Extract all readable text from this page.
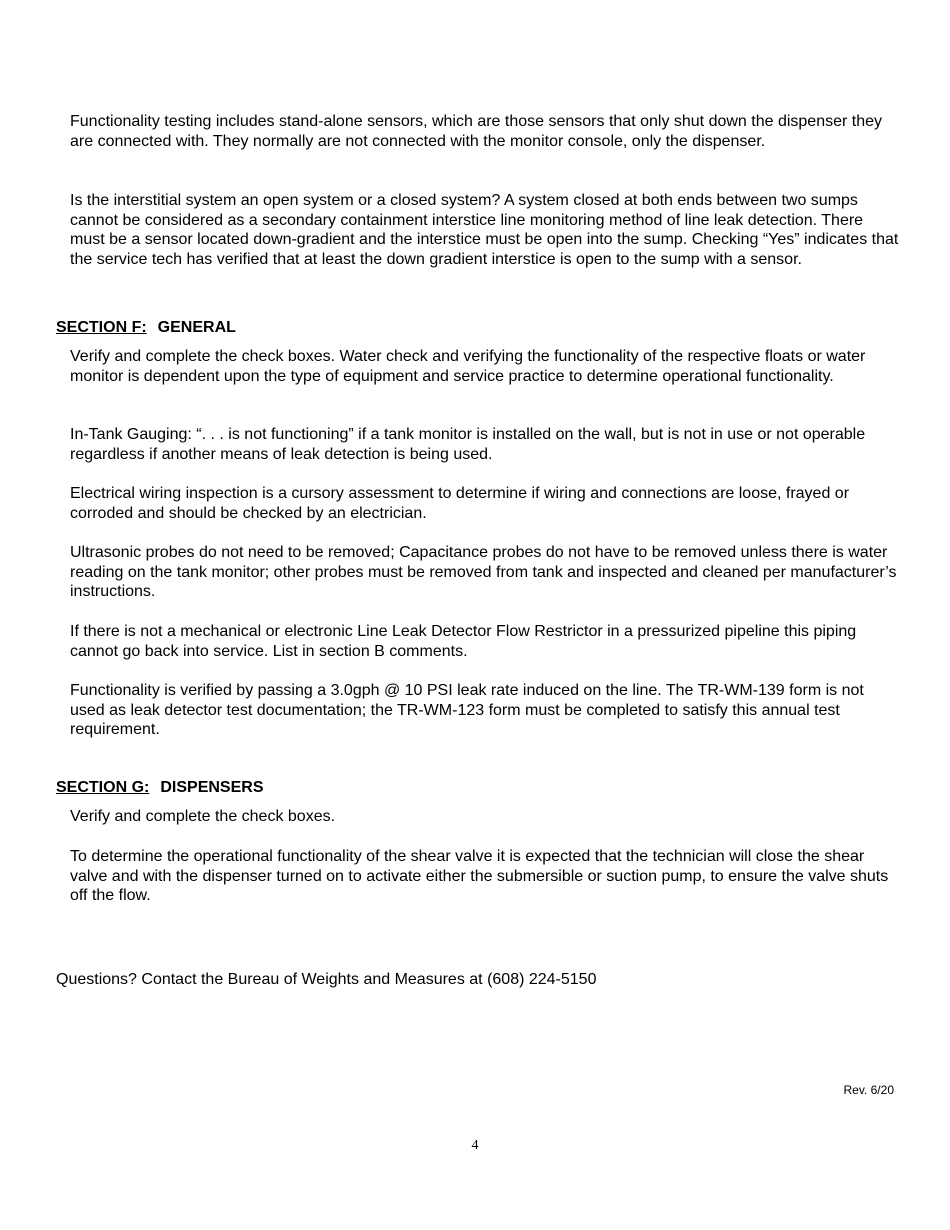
Functionality testing includes stand-alone sensors, which are those sensors that only shut down the dispenser they are connected with. They normally are not connected with the monitor console, only the dispenser.

Is the interstitial system an open system or a closed system? A system closed at both ends between two sumps cannot be considered as a secondary containment interstice line monitoring method of line leak detection. There must be a sensor located down-gradient and the interstice must be open into the sump. Checking “Yes” indicates that the service tech has verified that at least the down gradient interstice is open to the sump with a sensor.

SECTION F: GENERAL

Verify and complete the check boxes. Water check and verifying the functionality of the respective floats or water monitor is dependent upon the type of equipment and service practice to determine operational functionality.

In-Tank Gauging: “. . . is not functioning” if a tank monitor is installed on the wall, but is not in use or not operable regardless if another means of leak detection is being used.

Electrical wiring inspection is a cursory assessment to determine if wiring and connections are loose, frayed or corroded and should be checked by an electrician.

Ultrasonic probes do not need to be removed; Capacitance probes do not have to be removed unless there is water reading on the tank monitor; other probes must be removed from tank and inspected and cleaned per manufacturer’s instructions.

If there is not a mechanical or electronic Line Leak Detector Flow Restrictor in a pressurized pipeline this piping cannot go back into service. List in section B comments.

Functionality is verified by passing a 3.0gph @ 10 PSI leak rate induced on the line. The TR-WM-139 form is not used as leak detector test documentation; the TR-WM-123 form must be completed to satisfy this annual test requirement.

SECTION G: DISPENSERS

Verify and complete the check boxes.

To determine the operational functionality of the shear valve it is expected that the technician will close the shear valve and with the dispenser turned on to activate either the submersible or suction pump, to ensure the valve shuts off the flow.

Questions? Contact the Bureau of Weights and Measures at (608) 224-5150

Rev. 6/20

4
